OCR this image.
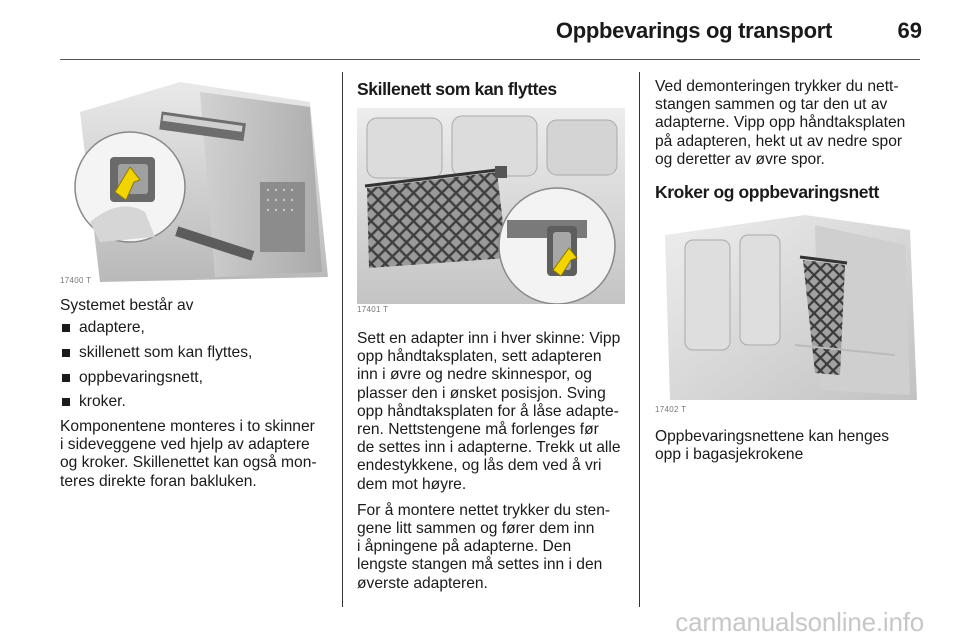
Oppbevarings og transport	69
17400 T

Systemet består av

adaptere,
skillenett som kan flyttes,
oppbevaringsnett,
kroker.

Komponentene monteres i to skinner
i sideveggene ved hjelp av adaptere
og kroker. Skillenettet kan også mon-
teres direkte foran bakluken.

Skillenett som kan flyttes
17401 T

Sett en adapter inn i hver skinne: Vipp
opp håndtaksplaten, sett adapteren
inn i øvre og nedre skinnespor, og
plasser den i ønsket posisjon. Sving
opp håndtaksplaten for å låse adapte-
ren. Nettstengene må forlenges før
de settes inn i adapterne. Trekk ut alle
endestykkene, og lås dem ved å vri
dem mot høyre.

For å montere nettet trykker du sten-
gene litt sammen og fører dem inn
i åpningene på adapterne. Den
lengste stangen må settes inn i den
øverste adapteren.

Ved demonteringen trykker du nett-
stangen sammen og tar den ut av
adapterne. Vipp opp håndtaksplaten
på adapteren, hekt ut av nedre spor
og deretter av øvre spor.

Kroker og oppbevaringsnett
17402 T

Oppbevaringsnettene kan henges
opp i bagasjekrokene

carmanualsonline.info
